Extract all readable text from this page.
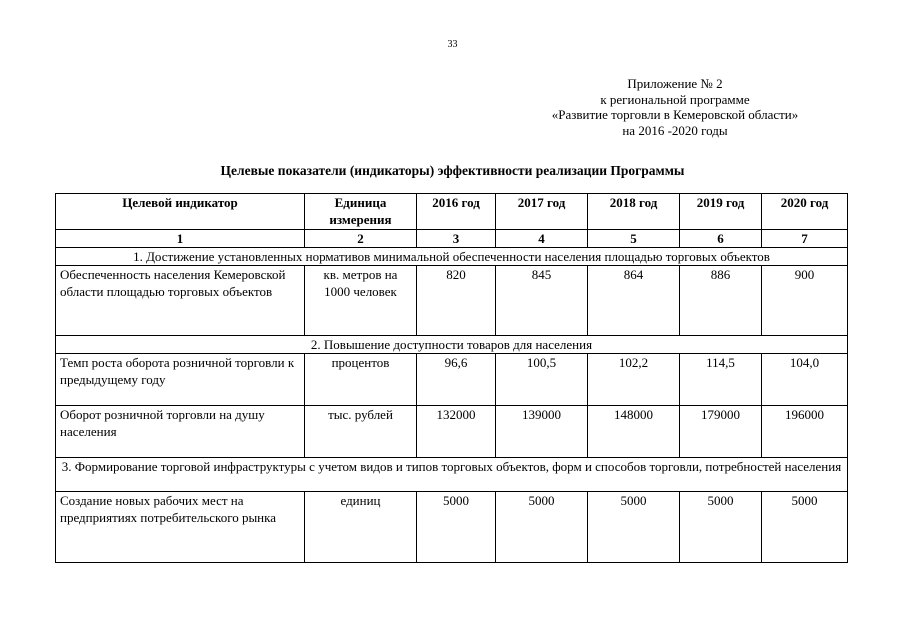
33
Приложение № 2
к региональной программе
«Развитие торговли в Кемеровской области»
на 2016 -2020 годы
Целевые показатели (индикаторы) эффективности реализации Программы
Целевой индикатор	Единица измерения	2016 год	2017 год	2018 год	2019 год	2020 год
1	2	3	4	5	6	7
1. Достижение установленных нормативов минимальной обеспеченности населения площадью торговых объектов						
Обеспеченность населения Кемеровской области площадью торговых объектов	кв. метров на 1000 человек	820	845	864	886	900
2. Повышение доступности товаров для населения						
Темп роста оборота розничной торговли к предыдущему году	процентов	96,6	100,5	102,2	114,5	104,0
Оборот розничной торговли на душу населения	тыс. рублей	132000	139000	148000	179000	196000
3. Формирование торговой инфраструктуры с учетом видов и типов торговых объектов, форм и способов торговли, потребностей населения						
Создание новых рабочих мест на предприятиях потребительского рынка	единиц	5000	5000	5000	5000	5000
